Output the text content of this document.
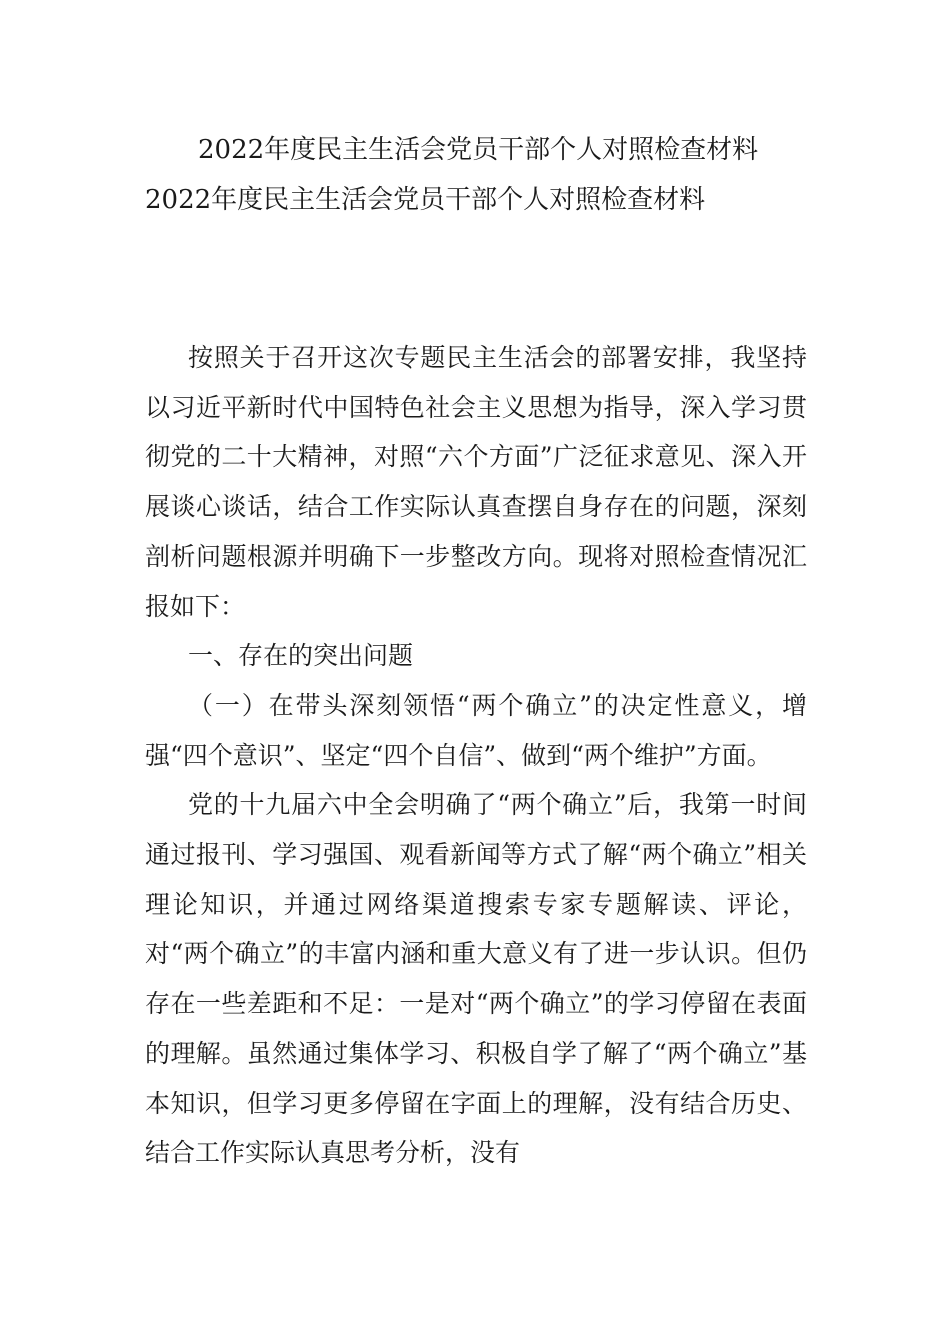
2022年度民主生活会党员干部个人对照检查材料
2022年度民主生活会党员干部个人对照检查材料

按照关于召开这次专题民主生活会的部署安排，我坚持以习近平新时代中国特色社会主义思想为指导，深入学习贯彻党的二十大精神，对照“六个方面”广泛征求意见、深入开展谈心谈话，结合工作实际认真查摆自身存在的问题，深刻剖析问题根源并明确下一步整改方向。现将对照检查情况汇报如下：

一、存在的突出问题

（一）在带头深刻领悟“两个确立”的决定性意义，增强“四个意识”、坚定“四个自信”、做到“两个维护”方面。

党的十九届六中全会明确了“两个确立”后，我第一时间通过报刊、学习强国、观看新闻等方式了解“两个确立”相关理论知识，并通过网络渠道搜索专家专题解读、评论，对“两个确立”的丰富内涵和重大意义有了进一步认识。但仍存在一些差距和不足：一是对“两个确立”的学习停留在表面的理解。虽然通过集体学习、积极自学了解了“两个确立”基本知识，但学习更多停留在字面上的理解，没有结合历史、结合工作实际认真思考分析，没有
